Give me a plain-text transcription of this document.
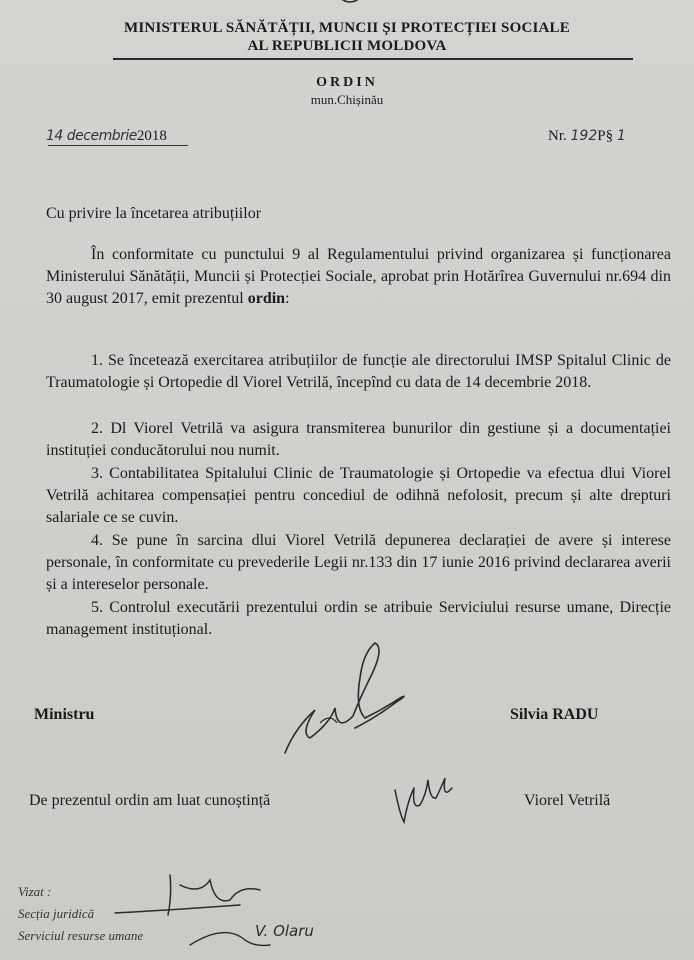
MINISTERUL SĂNĂTĂȚII, MUNCII ȘI PROTECȚIEI SOCIALE
AL REPUBLICII MOLDOVA
ORDIN
mun.Chișinău
14 decembrie2018	Nr. 192P§ 1
Cu privire la încetarea atribuțiilor
În conformitate cu punctului 9 al Regulamentului privind organizarea și funcționarea Ministerului Sănătății, Muncii și Protecției Sociale, aprobat prin Hotărîrea Guvernului nr.694 din 30 august 2017, emit prezentul ordin:
1. Se încetează exercitarea atribuțiilor de funcție ale directorului IMSP Spitalul Clinic de Traumatologie și Ortopedie dl Viorel Vetrilă, începînd cu data de 14 decembrie 2018.
2. Dl Viorel Vetrilă va asigura transmiterea bunurilor din gestiune și a documentației instituției conducătorului nou numit.
3. Contabilitatea Spitalului Clinic de Traumatologie și Ortopedie va efectua dlui Viorel Vetrilă achitarea compensației pentru concediul de odihnă nefolosit, precum și alte drepturi salariale ce se cuvin.
4. Se pune în sarcina dlui Viorel Vetrilă depunerea declarației de avere și interese personale, în conformitate cu prevederile Legii nr.133 din 17 iunie 2016 privind declararea averii și a intereselor personale.
5. Controlul executării prezentului ordin se atribuie Serviciului resurse umane, Direcție management instituțional.
Ministru	Silvia RADU
De prezentul ordin am luat cunoștință	Viorel Vetrilă
Vizat :
Secția juridică
Serviciul resurse umane	V. Olaru
